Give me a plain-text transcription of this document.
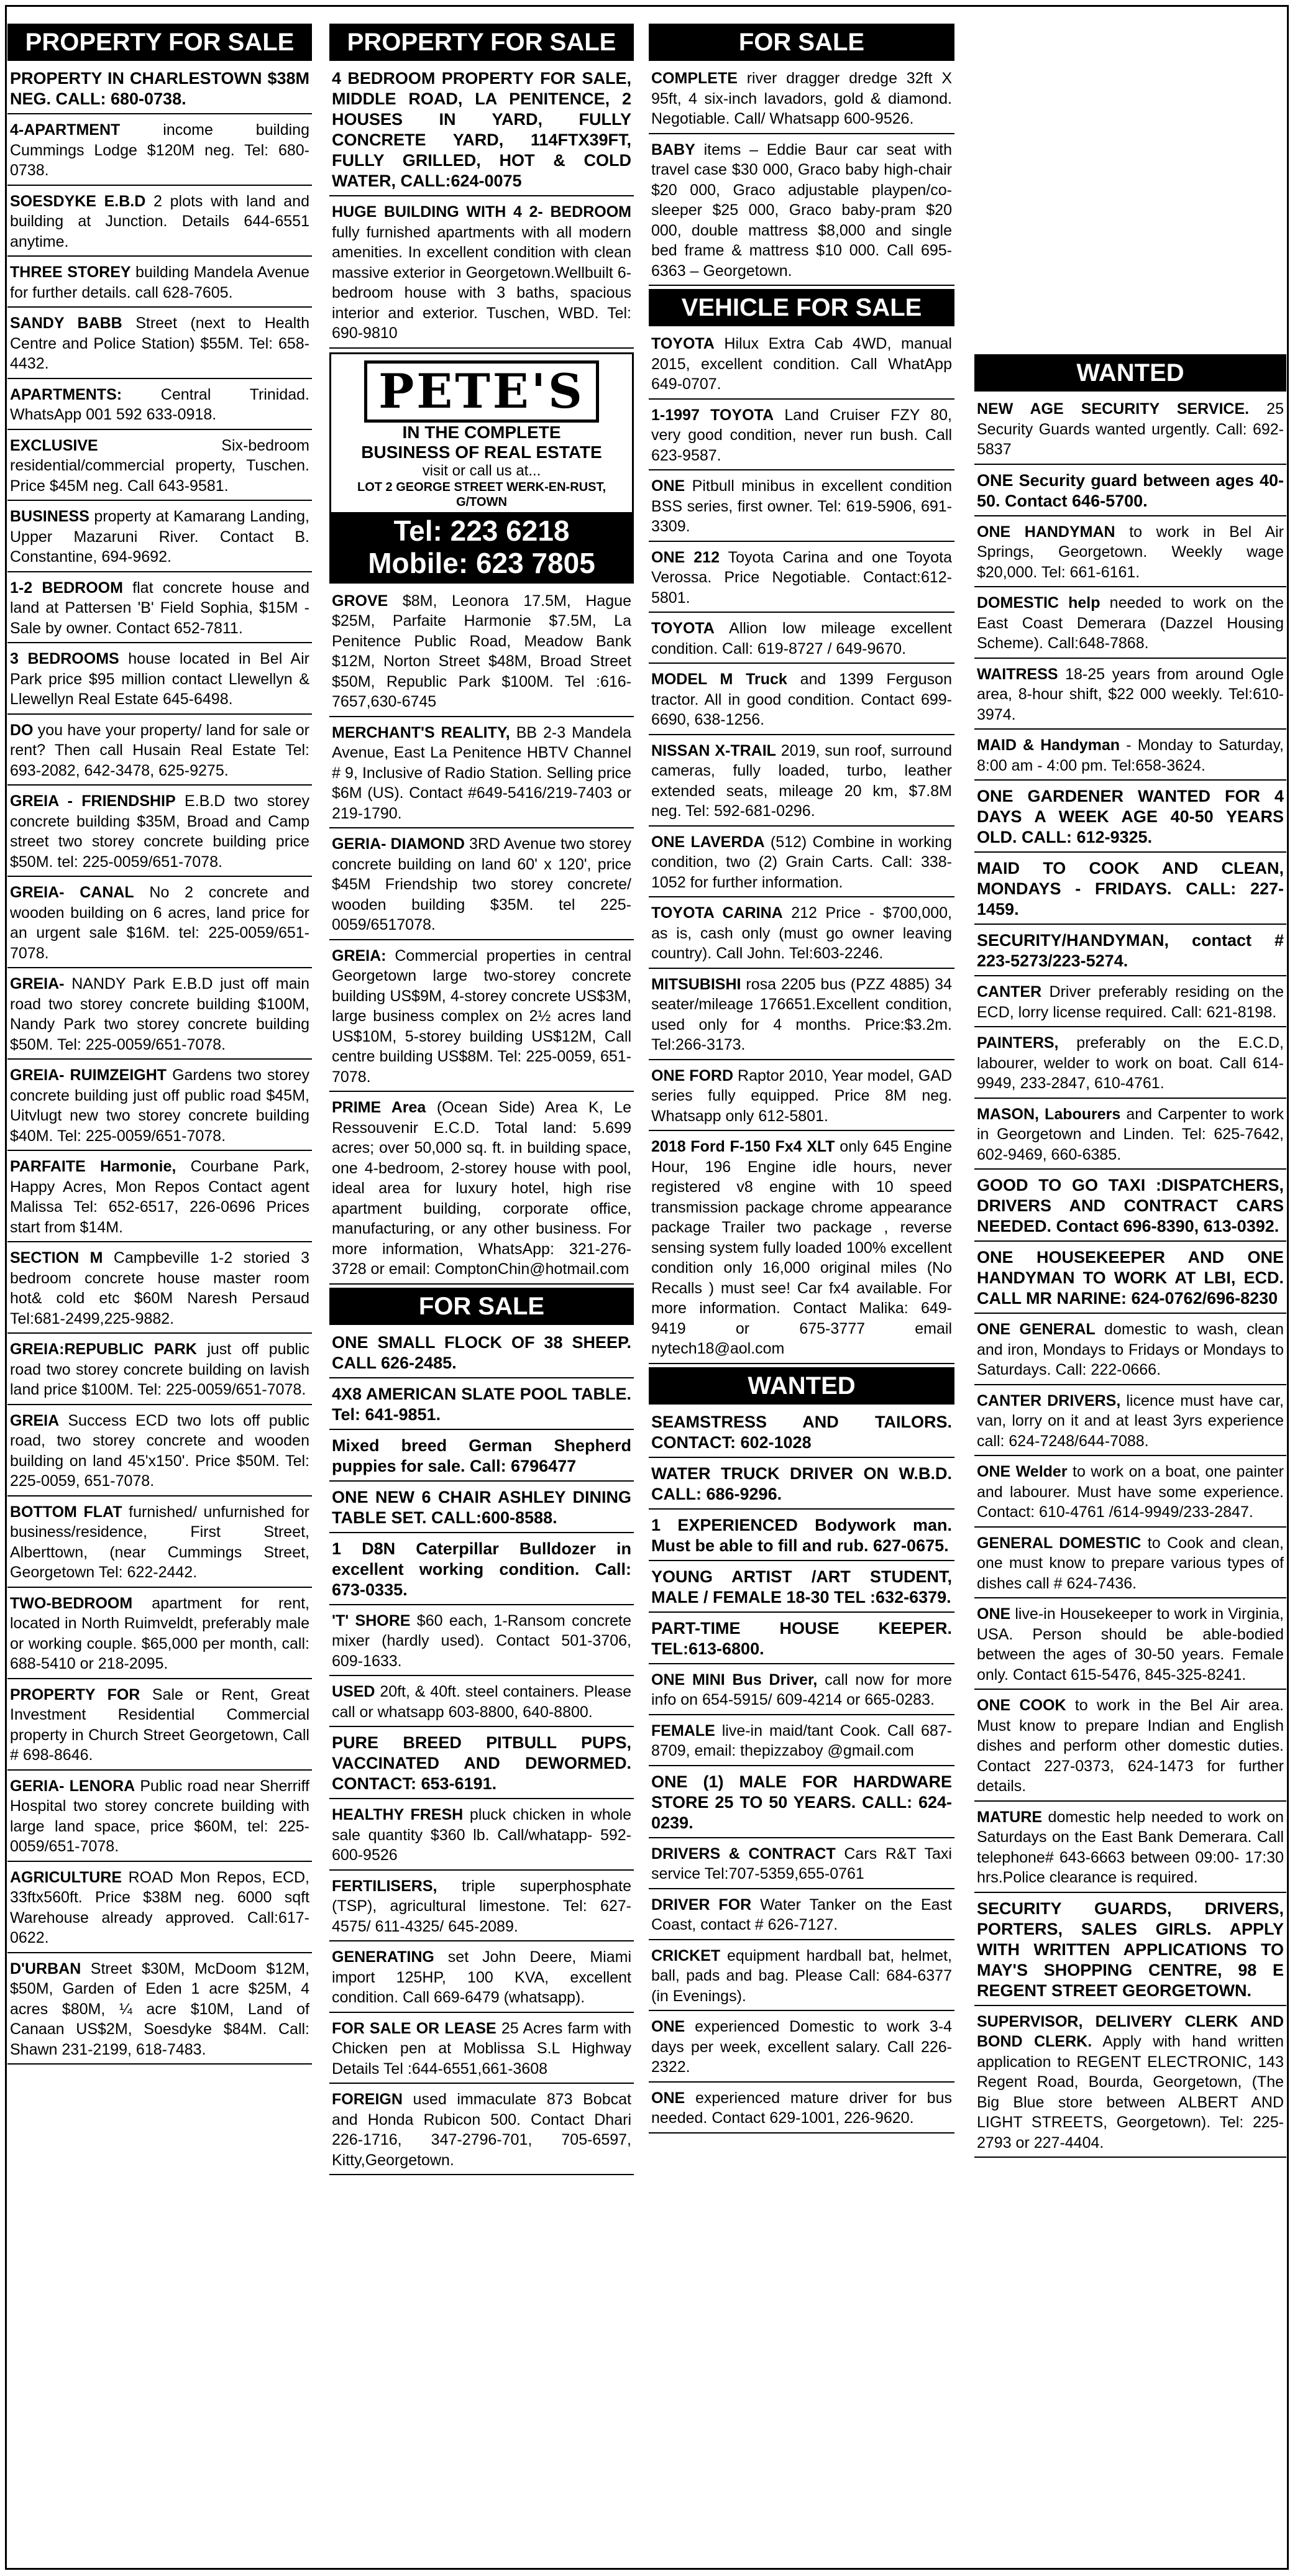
PROPERTY FOR SALE
PROPERTY IN CHARLESTOWN $38M NEG. CALL: 680-0738.
4-APARTMENT income building Cummings Lodge $120M neg. Tel: 680-0738.
SOESDYKE E.B.D 2 plots with land and building at Junction. Details 644-6551 anytime.
THREE STOREY building Mandela Avenue for further details. call 628-7605.
SANDY BABB Street (next to Health Centre and Police Station) $55M. Tel: 658-4432.
APARTMENTS: Central Trinidad. WhatsApp 001 592 633-0918.
EXCLUSIVE Six-bedroom residential/commercial property, Tuschen. Price $45M neg. Call 643-9581.
BUSINESS property at Kamarang Landing, Upper Mazaruni River. Contact B. Constantine, 694-9692.
1-2 BEDROOM flat concrete house and land at Pattersen 'B' Field Sophia, $15M - Sale by owner. Contact 652-7811.
3 BEDROOMS house located in Bel Air Park price $95 million contact Llewellyn & Llewellyn Real Estate 645-6498.
DO you have your property/ land for sale or rent? Then call Husain Real Estate Tel: 693-2082, 642-3478, 625-9275.
GREIA - FRIENDSHIP E.B.D two storey concrete building $35M, Broad and Camp street two storey concrete building price $50M. tel: 225-0059/651-7078.
GREIA- CANAL No 2 concrete and wooden building on 6 acres, land price for an urgent sale $16M. tel: 225-0059/651-7078.
GREIA- NANDY Park E.B.D just off main road two storey concrete building $100M, Nandy Park two storey concrete building $50M. Tel: 225-0059/651-7078.
GREIA- RUIMZEIGHT Gardens two storey concrete building just off public road $45M, Uitvlugt new two storey concrete building $40M. Tel: 225-0059/651-7078.
PARFAITE Harmonie, Courbane Park, Happy Acres, Mon Repos Contact agent Malissa Tel: 652-6517, 226-0696 Prices start from $14M.
SECTION M Campbeville 1-2 storied 3 bedroom concrete house master room hot& cold etc $60M Naresh Persaud Tel:681-2499,225-9882.
GREIA:REPUBLIC PARK just off public road two storey concrete building on lavish land price $100M. Tel: 225-0059/651-7078.
GREIA Success ECD two lots off public road, two storey concrete and wooden building on land 45'x150'. Price $50M. Tel: 225-0059, 651-7078.
BOTTOM FLAT furnished/ unfurnished for business/residence, First Street, Alberttown, (near Cummings Street, Georgetown Tel: 622-2442.
TWO-BEDROOM apartment for rent, located in North Ruimveldt, preferably male or working couple. $65,000 per month, call: 688-5410 or 218-2095.
PROPERTY FOR Sale or Rent, Great Investment Residential Commercial property in Church Street Georgetown, Call # 698-8646.
GERIA- LENORA Public road near Sherriff Hospital two storey concrete building with large land space, price $60M, tel: 225-0059/651-7078.
AGRICULTURE ROAD Mon Repos, ECD, 33ftx560ft. Price $38M neg. 6000 sqft Warehouse already approved. Call:617-0622.
D'URBAN Street $30M, McDoom $12M, $50M, Garden of Eden 1 acre $25M, 4 acres $80M, ¼ acre $10M, Land of Canaan US$2M, Soesdyke $84M. Call: Shawn 231-2199, 618-7483.
PROPERTY FOR SALE
4 BEDROOM PROPERTY FOR SALE, MIDDLE ROAD, LA PENITENCE, 2 HOUSES IN YARD, FULLY CONCRETE YARD, 114FTX39FT, FULLY GRILLED, HOT & COLD WATER, CALL:624-0075
HUGE BUILDING WITH 4 2- BEDROOM fully furnished apartments with all modern amenities. In excellent condition with clean massive exterior in Georgetown.Wellbuilt 6- bedroom house with 3 baths, spacious interior and exterior. Tuschen, WBD. Tel: 690-9810
PETE'S
IN THE COMPLETE
BUSINESS OF REAL ESTATE
visit or call us at...
LOT 2 GEORGE STREET WERK-EN-RUST, G/TOWN
Tel: 223 6218
Mobile: 623 7805
GROVE $8M, Leonora 17.5M, Hague $25M, Parfaite Harmonie $7.5M, La Penitence Public Road, Meadow Bank $12M, Norton Street $48M, Broad Street $50M, Republic Park $100M. Tel :616-7657,630-6745
MERCHANT'S REALITY, BB 2-3 Mandela Avenue, East La Penitence HBTV Channel # 9, Inclusive of Radio Station. Selling price $6M (US). Contact #649-5416/219-7403 or 219-1790.
GERIA- DIAMOND 3RD Avenue two storey concrete building on land 60' x 120', price $45M Friendship two storey concrete/ wooden building $35M. tel 225-0059/6517078.
GREIA: Commercial properties in central Georgetown large two-storey concrete building US$9M, 4-storey concrete US$3M, large business complex on 2½ acres land US$10M, 5-storey building US$12M, Call centre building US$8M. Tel: 225-0059, 651-7078.
PRIME Area (Ocean Side) Area K, Le Ressouvenir E.C.D. Total land: 5.699 acres; over 50,000 sq. ft. in building space, one 4-bedroom, 2-storey house with pool, ideal area for luxury hotel, high rise apartment building, corporate office, manufacturing, or any other business. For more information, WhatsApp: 321-276-3728 or email: ComptonChin@hotmail.com
FOR SALE
ONE SMALL FLOCK OF 38 SHEEP. CALL 626-2485.
4X8 AMERICAN SLATE POOL TABLE. Tel: 641-9851.
Mixed breed German Shepherd puppies for sale. Call: 6796477
ONE NEW 6 CHAIR ASHLEY DINING TABLE SET. CALL:600-8588.
1 D8N Caterpillar Bulldozer in excellent working condition. Call: 673-0335.
'T' SHORE $60 each, 1-Ransom concrete mixer (hardly used). Contact 501-3706, 609-1633.
USED 20ft, & 40ft. steel containers. Please call or whatsapp 603-8800, 640-8800.
PURE BREED PITBULL PUPS, VACCINATED AND DEWORMED. CONTACT: 653-6191.
HEALTHY FRESH pluck chicken in whole sale quantity $360 lb. Call/whatapp- 592-600-9526
FERTILISERS, triple superphosphate (TSP), agricultural limestone. Tel: 627-4575/ 611-4325/ 645-2089.
GENERATING set John Deere, Miami import 125HP, 100 KVA, excellent condition. Call 669-6479 (whatsapp).
FOR SALE OR LEASE 25 Acres farm with Chicken pen at Moblissa S.L Highway Details Tel :644-6551,661-3608
FOREIGN used immaculate 873 Bobcat and Honda Rubicon 500. Contact Dhari 226-1716, 347-2796-701, 705-6597, Kitty,Georgetown.
FOR SALE
COMPLETE river dragger dredge 32ft X 95ft, 4 six-inch lavadors, gold & diamond. Negotiable. Call/ Whatsapp 600-9526.
BABY items – Eddie Baur car seat with travel case $30 000, Graco baby high-chair $20 000, Graco adjustable playpen/co-sleeper $25 000, Graco baby-pram $20 000, double mattress $8,000 and single bed frame & mattress $10 000. Call 695-6363 – Georgetown.
VEHICLE FOR SALE
TOYOTA Hilux Extra Cab 4WD, manual 2015, excellent condition. Call WhatApp 649-0707.
1-1997 TOYOTA Land Cruiser FZY 80, very good condition, never run bush. Call 623-9587.
ONE Pitbull minibus in excellent condition BSS series, first owner. Tel: 619-5906, 691-3309.
ONE 212 Toyota Carina and one Toyota Verossa. Price Negotiable. Contact:612-5801.
TOYOTA Allion low mileage excellent condition. Call: 619-8727 / 649-9670.
MODEL M Truck and 1399 Ferguson tractor. All in good condition. Contact 699-6690, 638-1256.
NISSAN X-TRAIL 2019, sun roof, surround cameras, fully loaded, turbo, leather extended seats, mileage 20 km, $7.8M neg. Tel: 592-681-0296.
ONE LAVERDA (512) Combine in working condition, two (2) Grain Carts. Call: 338-1052 for further information.
TOYOTA CARINA 212 Price - $700,000, as is, cash only (must go owner leaving country). Call John. Tel:603-2246.
MITSUBISHI rosa 2205 bus (PZZ 4885) 34 seater/mileage 176651.Excellent condition, used only for 4 months. Price:$3.2m. Tel:266-3173.
ONE FORD Raptor 2010, Year model, GAD series fully equipped. Price 8M neg. Whatsapp only 612-5801.
2018 Ford F-150 Fx4 XLT only 645 Engine Hour, 196 Engine idle hours, never registered v8 engine with 10 speed transmission package chrome appearance package Trailer two package , reverse sensing system fully loaded 100% excellent condition only 16,000 original miles (No Recalls ) must see! Car fx4 available. For more information. Contact Malika: 649-9419 or 675-3777 email nytech18@aol.com
WANTED
SEAMSTRESS AND TAILORS. CONTACT: 602-1028
WATER TRUCK DRIVER ON W.B.D. CALL: 686-9296.
1 EXPERIENCED Bodywork man. Must be able to fill and rub. 627-0675.
YOUNG ARTIST /ART STUDENT, MALE / FEMALE 18-30 TEL :632-6379.
PART-TIME HOUSE KEEPER. TEL:613-6800.
ONE MINI Bus Driver, call now for more info on 654-5915/ 609-4214 or 665-0283.
FEMALE live-in maid/tant Cook. Call 687-8709, email: thepizzaboy @gmail.com
ONE (1) MALE FOR HARDWARE STORE 25 TO 50 YEARS. CALL: 624-0239.
DRIVERS & CONTRACT Cars R&T Taxi service Tel:707-5359,655-0761
DRIVER FOR Water Tanker on the East Coast, contact # 626-7127.
CRICKET equipment hardball bat, helmet, ball, pads and bag. Please Call: 684-6377 (in Evenings).
ONE experienced Domestic to work 3-4 days per week, excellent salary. Call 226-2322.
ONE experienced mature driver for bus needed. Contact 629-1001, 226-9620.
WANTED
NEW AGE SECURITY SERVICE. 25 Security Guards wanted urgently. Call: 692-5837
ONE Security guard between ages 40-50. Contact 646-5700.
ONE HANDYMAN to work in Bel Air Springs, Georgetown. Weekly wage $20,000. Tel: 661-6161.
DOMESTIC help needed to work on the East Coast Demerara (Dazzel Housing Scheme). Call:648-7868.
WAITRESS 18-25 years from around Ogle area, 8-hour shift, $22 000 weekly. Tel:610-3974.
MAID & Handyman - Monday to Saturday, 8:00 am - 4:00 pm. Tel:658-3624.
ONE GARDENER WANTED FOR 4 DAYS A WEEK AGE 40-50 YEARS OLD. CALL: 612-9325.
MAID TO COOK AND CLEAN, MONDAYS - FRIDAYS. CALL: 227-1459.
SECURITY/HANDYMAN, contact # 223-5273/223-5274.
CANTER Driver preferably residing on the ECD, lorry license required. Call: 621-8198.
PAINTERS, preferably on the E.C.D, labourer, welder to work on boat. Call 614-9949, 233-2847, 610-4761.
MASON, Labourers and Carpenter to work in Georgetown and Linden. Tel: 625-7642, 602-9469, 660-6385.
GOOD TO GO TAXI :DISPATCHERS, DRIVERS AND CONTRACT CARS NEEDED. Contact 696-8390, 613-0392.
ONE HOUSEKEEPER AND ONE HANDYMAN TO WORK AT LBI, ECD. CALL MR NARINE: 624-0762/696-8230
ONE GENERAL domestic to wash, clean and iron, Mondays to Fridays or Mondays to Saturdays. Call: 222-0666.
CANTER DRIVERS, licence must have car, van, lorry on it and at least 3yrs experience call: 624-7248/644-7088.
ONE Welder to work on a boat, one painter and labourer. Must have some experience. Contact: 610-4761 /614-9949/233-2847.
GENERAL DOMESTIC to Cook and clean, one must know to prepare various types of dishes call # 624-7436.
ONE live-in Housekeeper to work in Virginia, USA. Person should be able-bodied between the ages of 30-50 years. Female only. Contact 615-5476, 845-325-8241.
ONE COOK to work in the Bel Air area. Must know to prepare Indian and English dishes and perform other domestic duties. Contact 227-0373, 624-1473 for further details.
MATURE domestic help needed to work on Saturdays on the East Bank Demerara. Call telephone# 643-6663 between 09:00- 17:30 hrs.Police clearance is required.
SECURITY GUARDS, DRIVERS, PORTERS, SALES GIRLS. APPLY WITH WRITTEN APPLICATIONS TO MAY'S SHOPPING CENTRE, 98 E REGENT STREET GEORGETOWN.
SUPERVISOR, DELIVERY CLERK AND BOND CLERK. Apply with hand written application to REGENT ELECTRONIC, 143 Regent Road, Bourda, Georgetown, (The Big Blue store between ALBERT AND LIGHT STREETS, Georgetown). Tel: 225-2793 or 227-4404.
